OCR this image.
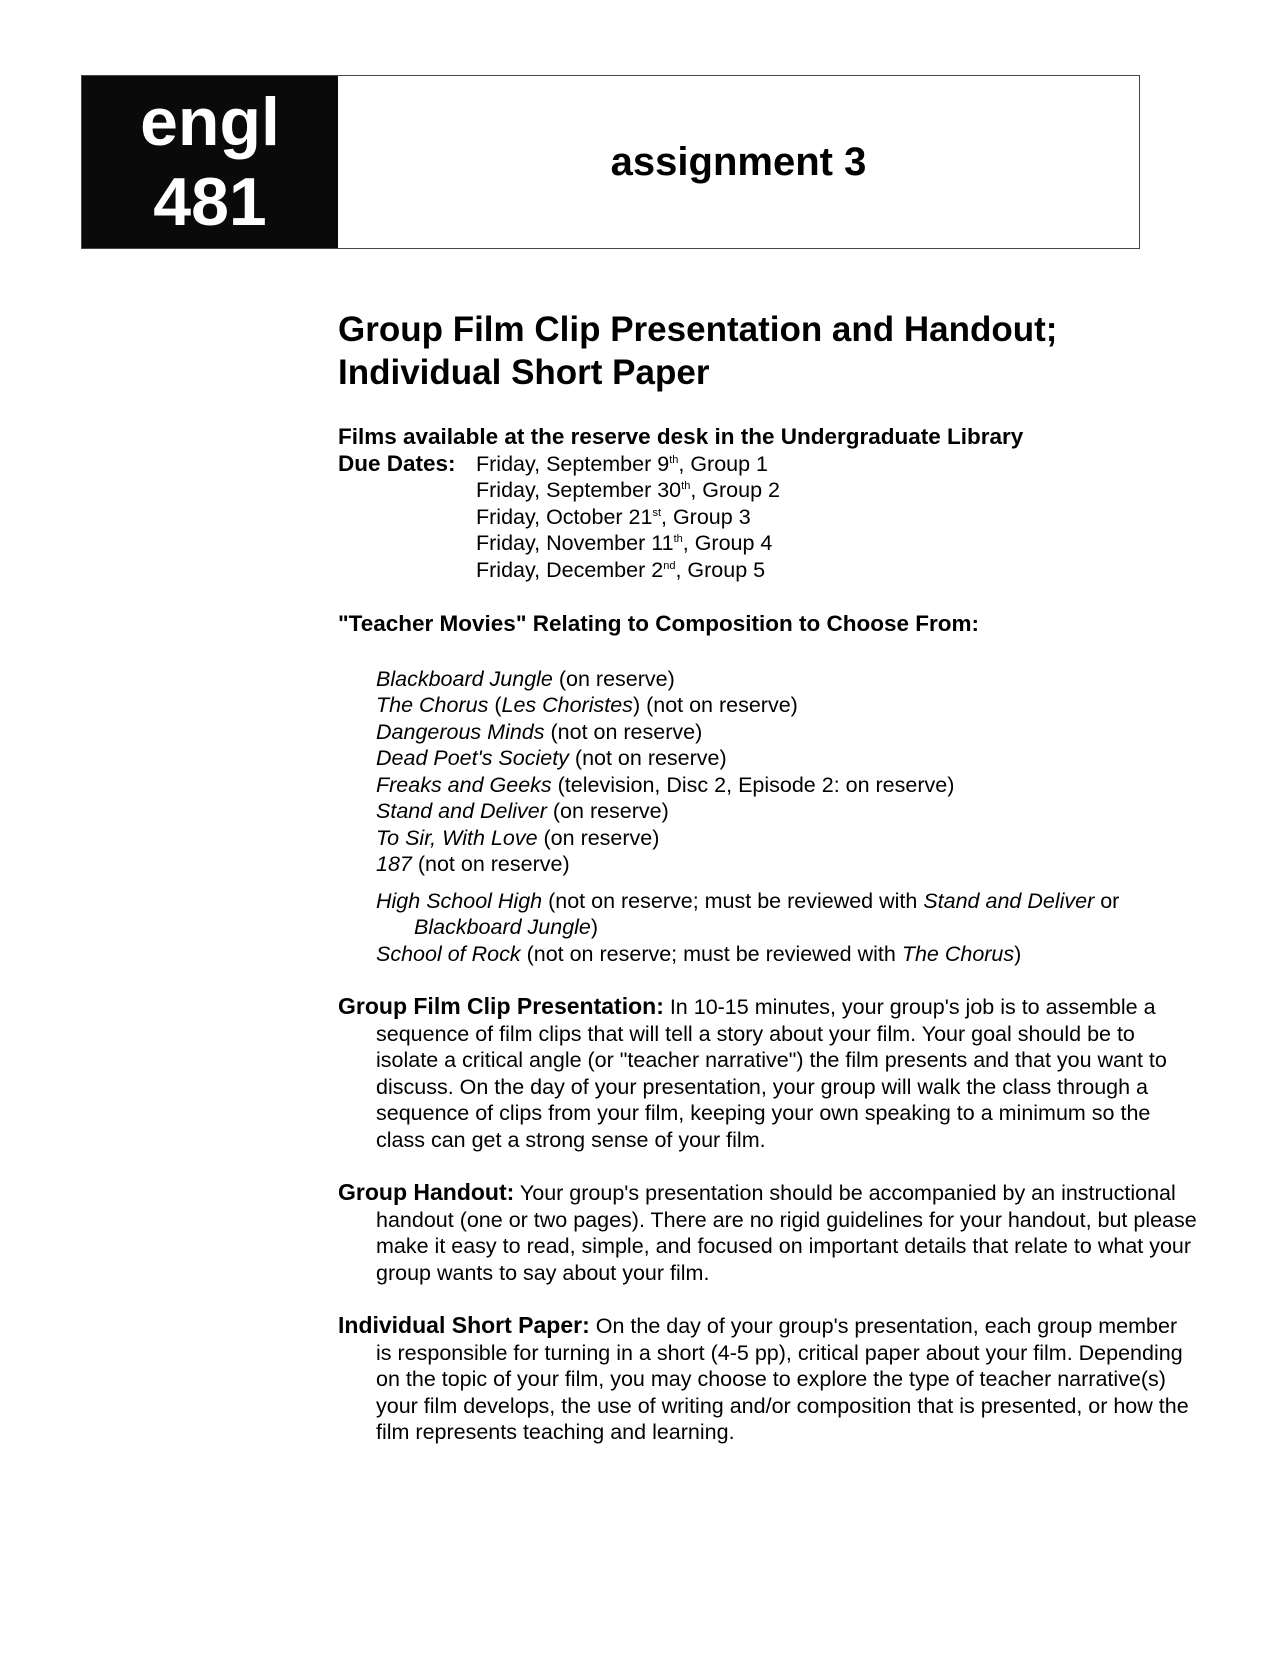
engl
481
assignment 3
Group Film Clip Presentation and Handout; Individual Short Paper

Films available at the reserve desk in the Undergraduate Library

Due Dates: Friday, September 9th, Group 1
Friday, September 30th, Group 2
Friday, October 21st, Group 3
Friday, November 11th, Group 4
Friday, December 2nd, Group 5
"Teacher Movies" Relating to Composition to Choose From:
Blackboard Jungle (on reserve)
The Chorus (Les Choristes) (not on reserve)
Dangerous Minds (not on reserve)
Dead Poet's Society (not on reserve)
Freaks and Geeks (television, Disc 2, Episode 2: on reserve)
Stand and Deliver (on reserve)
To Sir, With Love (on reserve)
187 (not on reserve)
High School High (not on reserve; must be reviewed with Stand and Deliver or Blackboard Jungle)
School of Rock (not on reserve; must be reviewed with The Chorus)

Group Film Clip Presentation: In 10-15 minutes, your group's job is to assemble a sequence of film clips that will tell a story about your film. Your goal should be to isolate a critical angle (or "teacher narrative") the film presents and that you want to discuss. On the day of your presentation, your group will walk the class through a sequence of clips from your film, keeping your own speaking to a minimum so the class can get a strong sense of your film.

Group Handout: Your group's presentation should be accompanied by an instructional handout (one or two pages). There are no rigid guidelines for your handout, but please make it easy to read, simple, and focused on important details that relate to what your group wants to say about your film.

Individual Short Paper: On the day of your group's presentation, each group member is responsible for turning in a short (4-5 pp), critical paper about your film. Depending on the topic of your film, you may choose to explore the type of teacher narrative(s) your film develops, the use of writing and/or composition that is presented, or how the film represents teaching and learning.
